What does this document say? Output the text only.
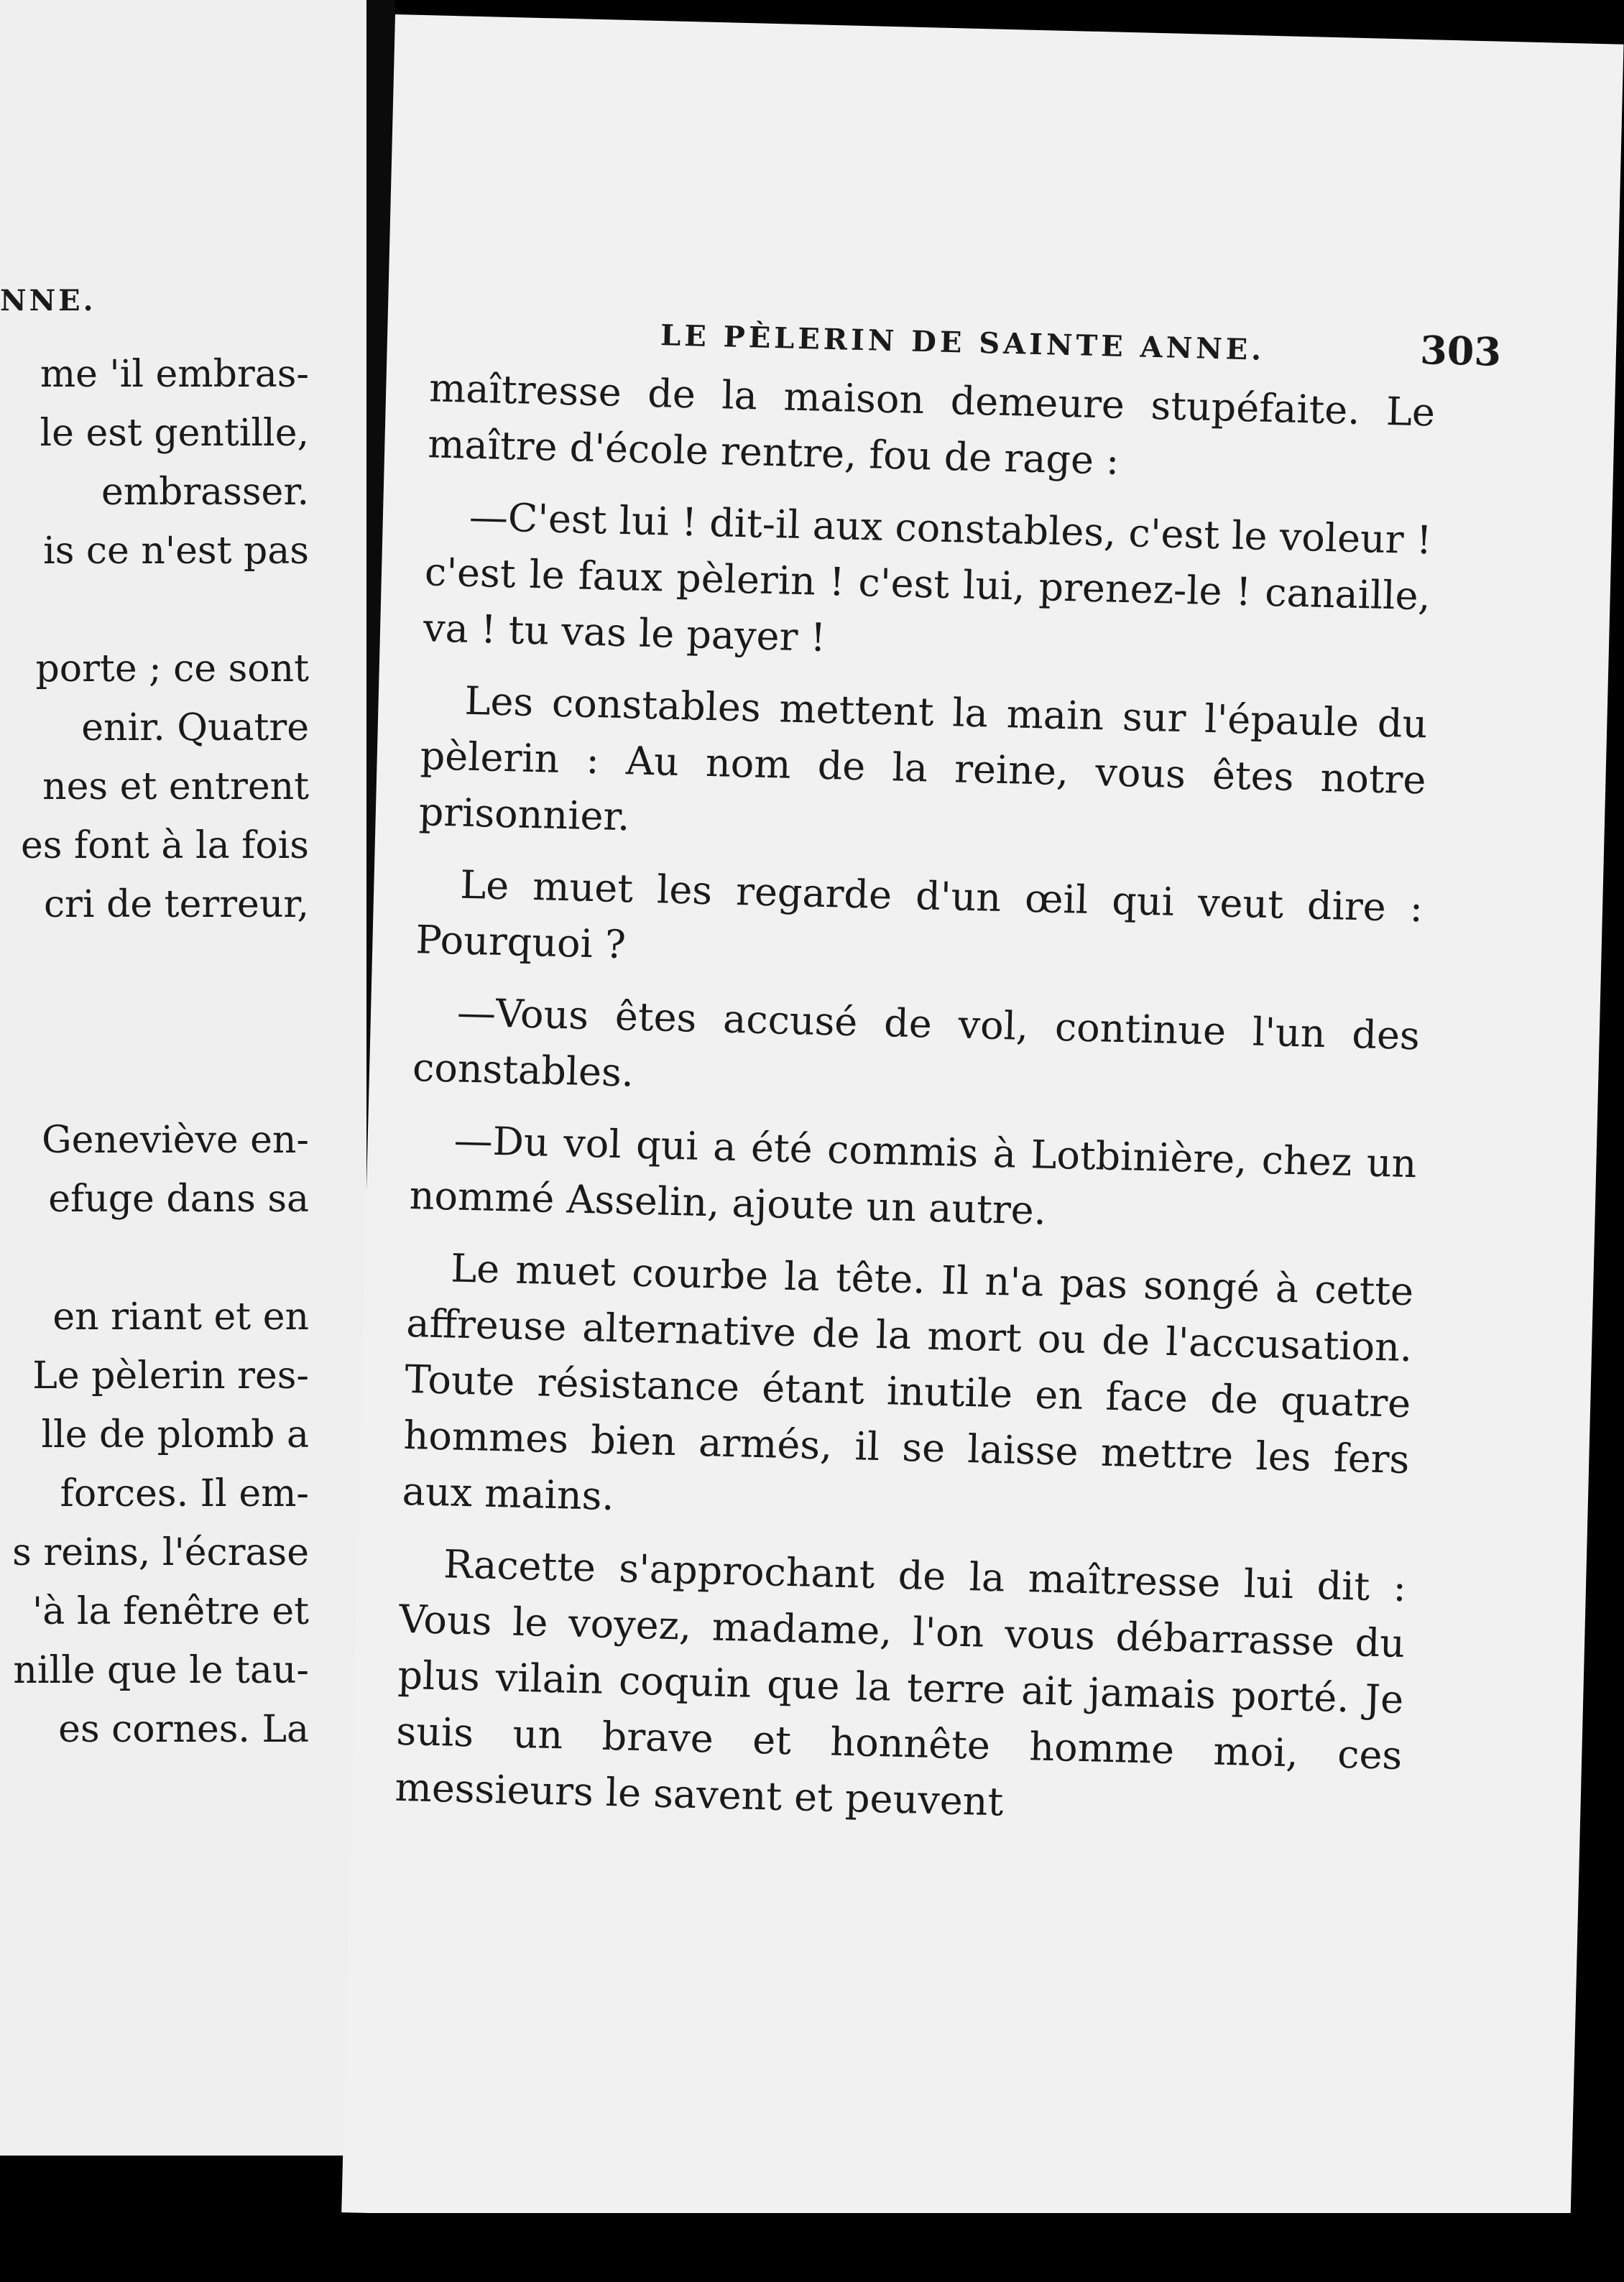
NNE.
me 'il embras-
le est gentille,
embrasser.
is ce n'est pas

porte ; ce sont
enir. Quatre
nes et entrent
es font à la fois
cri de terreur,

Geneviève en-
efuge dans sa

en riant et en
Le pèlerin res-
lle de plomb a
forces. Il em-
s reins, l'écrase
'à la fenêtre et
nille que le tau-
es cornes. La
LE PÈLERIN DE SAINTE ANNE.	303

maîtresse de la maison demeure stupéfaite. Le maître d'école rentre, fou de rage :

—C'est lui ! dit-il aux constables, c'est le voleur ! c'est le faux pèlerin ! c'est lui, prenez-le ! canaille, va ! tu vas le payer !

Les constables mettent la main sur l'épaule du pèlerin : Au nom de la reine, vous êtes notre prisonnier.

Le muet les regarde d'un œil qui veut dire : Pourquoi ?

—Vous êtes accusé de vol, continue l'un des constables.

—Du vol qui a été commis à Lotbinière, chez un nommé Asselin, ajoute un autre.

Le muet courbe la tête. Il n'a pas songé à cette affreuse alternative de la mort ou de l'accusation. Toute résistance étant inutile en face de quatre hommes bien armés, il se laisse mettre les fers aux mains.

Racette s'approchant de la maîtresse lui dit : Vous le voyez, madame, l'on vous débarrasse du plus vilain coquin que la terre ait jamais porté. Je suis un brave et honnête homme moi, ces messieurs le savent et peuvent
